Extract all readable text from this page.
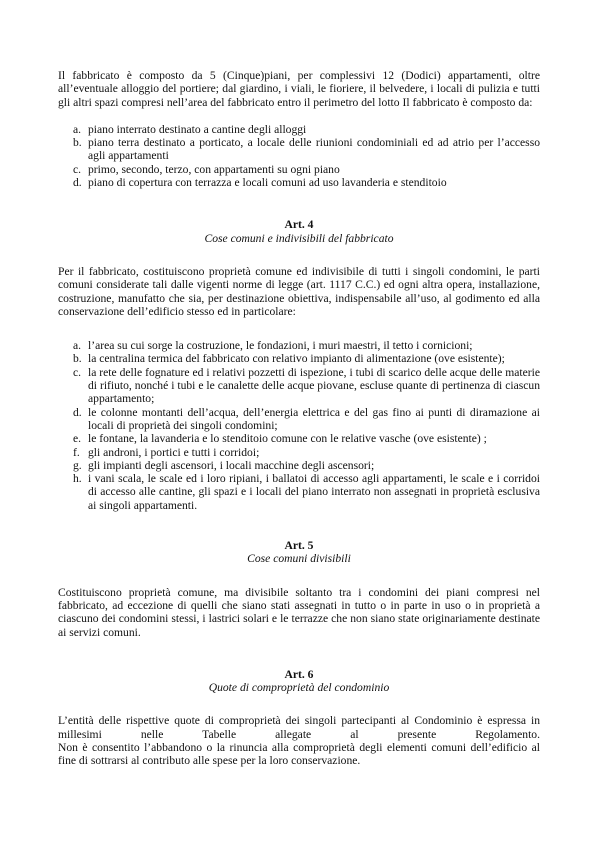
Il fabbricato è composto da 5 (Cinque)piani, per complessivi 12 (Dodici) appartamenti, oltre all’eventuale alloggio del portiere; dal giardino, i viali, le fioriere, il belvedere, i locali di pulizia e tutti gli altri spazi compresi nell’area del fabbricato entro il perimetro del lotto Il fabbricato è composto da:

a. piano interrato destinato a cantine degli alloggi
b. piano terra destinato a porticato, a locale delle riunioni condominiali ed ad atrio per l’accesso agli appartamenti
c. primo, secondo, terzo, con appartamenti su ogni piano
d. piano di copertura con terrazza e locali comuni ad uso lavanderia e stenditoio
Art. 4
Cose comuni e indivisibili del fabbricato

Per il fabbricato, costituiscono proprietà comune ed indivisibile di tutti i singoli condomini, le parti comuni considerate tali dalle vigenti norme di legge (art. 1117 C.C.) ed ogni altra opera, installazione, costruzione, manufatto che sia, per destinazione obiettiva, indispensabile all’uso, al godimento ed alla conservazione dell’edificio stesso ed in particolare:

a. l’area su cui sorge la costruzione, le fondazioni, i muri maestri, il tetto i cornicioni;
b. la centralina termica del fabbricato con relativo impianto di alimentazione (ove esistente);
c. la rete delle fognature ed i relativi pozzetti di ispezione, i tubi di scarico delle acque delle materie di rifiuto, nonché i tubi e le canalette delle acque piovane, escluse quante di pertinenza di ciascun appartamento;
d. le colonne montanti dell’acqua, dell’energia elettrica e del gas fino ai punti di diramazione ai locali di proprietà dei singoli condomini;
e. le fontane, la lavanderia e lo stenditoio comune con le relative vasche (ove esistente) ;
f. gli androni, i portici e tutti i corridoi;
g. gli impianti degli ascensori, i locali macchine degli ascensori;
h. i vani scala, le scale ed i loro ripiani, i ballatoi di accesso agli appartamenti, le scale e i corridoi di accesso alle cantine, gli spazi e i locali del piano interrato non assegnati in proprietà esclusiva ai singoli appartamenti.
Art. 5
Cose comuni divisibili

Costituiscono proprietà comune, ma divisibile soltanto tra i condomini dei piani compresi nel fabbricato, ad eccezione di quelli che siano stati assegnati in tutto o in parte in uso o in proprietà a ciascuno dei condomini stessi, i lastrici solari e le terrazze che non siano state originariamente destinate ai servizi comuni.

Art. 6
Quote di comproprietà del condominio

L’entità delle rispettive quote di comproprietà dei singoli partecipanti al Condominio è espressa in millesimi nelle Tabelle allegate al presente Regolamento.

Non è consentito l’abbandono o la rinuncia alla comproprietà degli elementi comuni dell’edificio al fine di sottrarsi al contributo alle spese per la loro conservazione.
